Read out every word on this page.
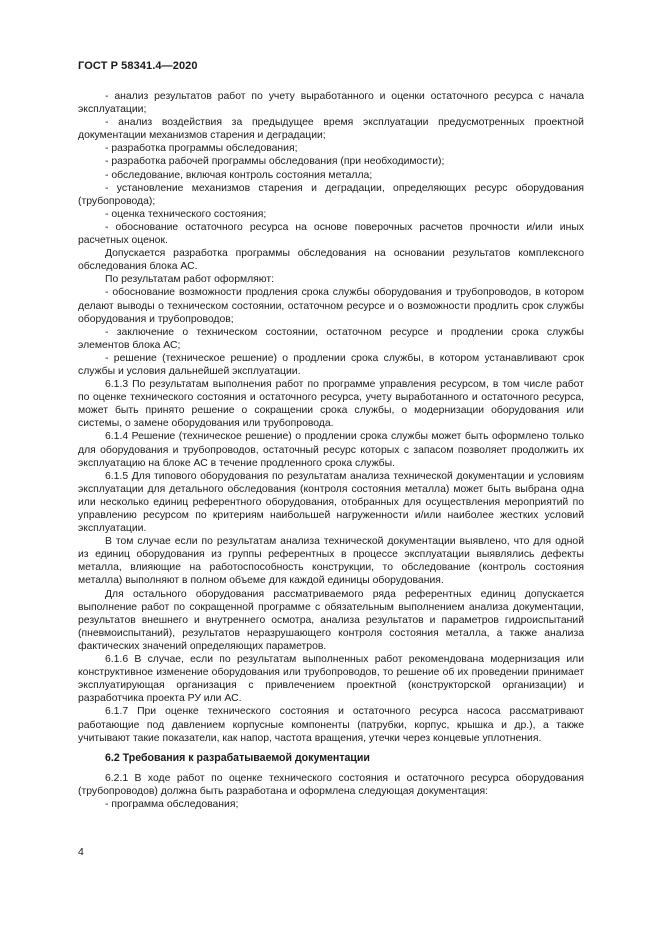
ГОСТ Р 58341.4—2020

- анализ результатов работ по учету выработанного и оценки остаточного ресурса с начала эксплуатации;

- анализ воздействия за предыдущее время эксплуатации предусмотренных проектной документации механизмов старения и деградации;

- разработка программы обследования;

- разработка рабочей программы обследования (при необходимости);

- обследование, включая контроль состояния металла;

- установление механизмов старения и деградации, определяющих ресурс оборудования (трубопровода);

- оценка технического состояния;

- обоснование остаточного ресурса на основе поверочных расчетов прочности и/или иных расчетных оценок.

Допускается разработка программы обследования на основании результатов комплексного обследования блока АС.

По результатам работ оформляют:

- обоснование возможности продления срока службы оборудования и трубопроводов, в котором делают выводы о техническом состоянии, остаточном ресурсе и о возможности продлить срок службы оборудования и трубопроводов;

- заключение о техническом состоянии, остаточном ресурсе и продлении срока службы элементов блока АС;

- решение (техническое решение) о продлении срока службы, в котором устанавливают срок службы и условия дальнейшей эксплуатации.

6.1.3 По результатам выполнения работ по программе управления ресурсом, в том числе работ по оценке технического состояния и остаточного ресурса, учету выработанного и остаточного ресурса, может быть принято решение о сокращении срока службы, о модернизации оборудования или системы, о замене оборудования или трубопровода.

6.1.4 Решение (техническое решение) о продлении срока службы может быть оформлено только для оборудования и трубопроводов, остаточный ресурс которых с запасом позволяет продолжить их эксплуатацию на блоке АС в течение продленного срока службы.

6.1.5 Для типового оборудования по результатам анализа технической документации и условиям эксплуатации для детального обследования (контроля состояния металла) может быть выбрана одна или несколько единиц референтного оборудования, отобранных для осуществления мероприятий по управлению ресурсом по критериям наибольшей нагруженности и/или наиболее жестких условий эксплуатации.

В том случае если по результатам анализа технической документации выявлено, что для одной из единиц оборудования из группы референтных в процессе эксплуатации выявлялись дефекты металла, влияющие на работоспособность конструкции, то обследование (контроль состояния металла) выполняют в полном объеме для каждой единицы оборудования.

Для остального оборудования рассматриваемого ряда референтных единиц допускается выполнение работ по сокращенной программе с обязательным выполнением анализа документации, результатов внешнего и внутреннего осмотра, анализа результатов и параметров гидроиспытаний (пневмоиспытаний), результатов неразрушающего контроля состояния металла, а также анализа фактических значений определяющих параметров.

6.1.6 В случае, если по результатам выполненных работ рекомендована модернизация или конструктивное изменение оборудования или трубопроводов, то решение об их проведении принимает эксплуатирующая организация с привлечением проектной (конструкторской организации) и разработчика проекта РУ или АС.

6.1.7 При оценке технического состояния и остаточного ресурса насоса рассматривают работающие под давлением корпусные компоненты (патрубки, корпус, крышка и др.), а также учитывают такие показатели, как напор, частота вращения, утечки через концевые уплотнения.

6.2 Требования к разрабатываемой документации

6.2.1 В ходе работ по оценке технического состояния и остаточного ресурса оборудования (трубопроводов) должна быть разработана и оформлена следующая документация:

- программа обследования;

4
